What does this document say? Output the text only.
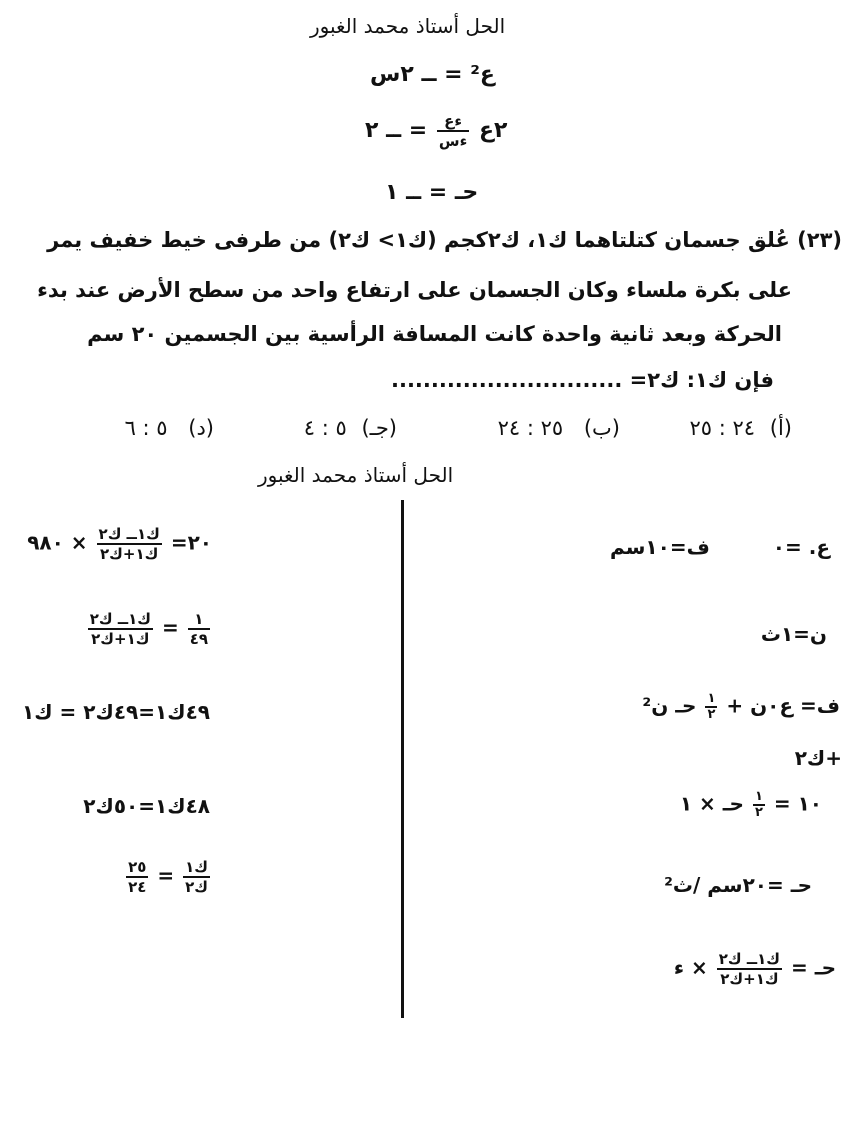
الحل أستاذ محمد الغبور
ع² = ــ ٢س
٢ع
$\frac{\text{ءع}}{\text{ءس}}$
= ــ ٢
حـ = ــ ١
(٢٣) عُلق جسمان كتلتاهما ك١، ك٢كجم (ك١> ك٢) من طرفى خيط خفيف يمر
على بكرة ملساء وكان الجسمان على ارتفاع واحد من سطح الأرض عند بدء
الحركة وبعد ثانية واحدة كانت المسافة الرأسية بين الجسمين ٢٠ سم
فإن ك١: ك٢= .............................
(أ) ٢٤ : ٢٥
(ب) ٢٥ : ٢٤
(جـ) ٥ : ٤
(د) ٥ : ٦
الحل أستاذ محمد الغبور
ع. =٠ ف=١٠سم
ن=١ث
ف= ع٠ن +
$\frac{١}{٢}$
حـ ن²
+ك٢
١٠ =
$\frac{١}{٢}$
حـ × ١
حـ =٢٠سم /ث²
حـ =
$\frac{\text{ك١ــ ك٢}}{\text{ك١+ك٢}}$
× ء
٢٠=
$\frac{\text{ك١ــ ك٢}}{\text{ك١+ك٢}}$
× ٩٨٠
$\frac{١}{٤٩}$
=
$\frac{\text{ك١ــ ك٢}}{\text{ك١+ك٢}}$
٤٩ك١=٤٩ك٢ = ك١
٤٨ك١=٥٠ك٢
$\frac{\text{ك١}}{\text{ك٢}}$
=
$\frac{٢٥}{٢٤}$
